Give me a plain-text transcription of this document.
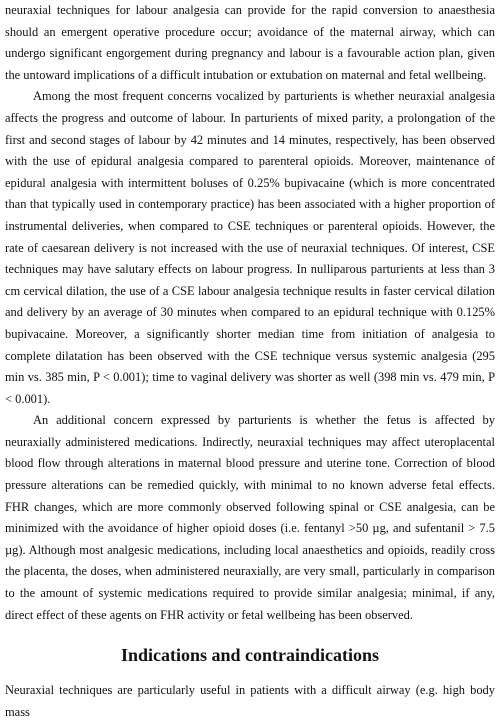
neuraxial techniques for labour analgesia can provide for the rapid conversion to anaesthesia should an emergent operative procedure occur; avoidance of the maternal airway, which can undergo significant engorgement during pregnancy and labour is a favourable action plan, given the untoward implications of a difficult intubation or extubation on maternal and fetal wellbeing.

Among the most frequent concerns vocalized by parturients is whether neuraxial analgesia affects the progress and outcome of labour. In parturients of mixed parity, a prolongation of the first and second stages of labour by 42 minutes and 14 minutes, respectively, has been observed with the use of epidural analgesia compared to parenteral opioids. Moreover, maintenance of epidural analgesia with intermittent boluses of 0.25% bupivacaine (which is more concentrated than that typically used in contemporary practice) has been associated with a higher proportion of instrumental deliveries, when compared to CSE techniques or parenteral opioids. However, the rate of caesarean delivery is not increased with the use of neuraxial techniques. Of interest, CSE techniques may have salutary effects on labour progress. In nulliparous parturients at less than 3 cm cervical dilation, the use of a CSE labour analgesia technique results in faster cervical dilation and delivery by an average of 30 minutes when compared to an epidural technique with 0.125% bupivacaine. Moreover, a significantly shorter median time from initiation of analgesia to complete dilatation has been observed with the CSE technique versus systemic analgesia (295 min vs. 385 min, P < 0.001); time to vaginal delivery was shorter as well (398 min vs. 479 min, P < 0.001).

An additional concern expressed by parturients is whether the fetus is affected by neuraxially administered medications. Indirectly, neuraxial techniques may affect uteroplacental blood flow through alterations in maternal blood pressure and uterine tone. Correction of blood pressure alterations can be remedied quickly, with minimal to no known adverse fetal effects. FHR changes, which are more commonly observed following spinal or CSE analgesia, can be minimized with the avoidance of higher opioid doses (i.e. fentanyl >50 µg, and sufentanil > 7.5 µg). Although most analgesic medications, including local anaesthetics and opioids, readily cross the placenta, the doses, when administered neuraxially, are very small, particularly in comparison to the amount of systemic medications required to provide similar analgesia; minimal, if any, direct effect of these agents on FHR activity or fetal wellbeing has been observed.

Indications and contraindications

Neuraxial techniques are particularly useful in patients with a difficult airway (e.g. high body mass
